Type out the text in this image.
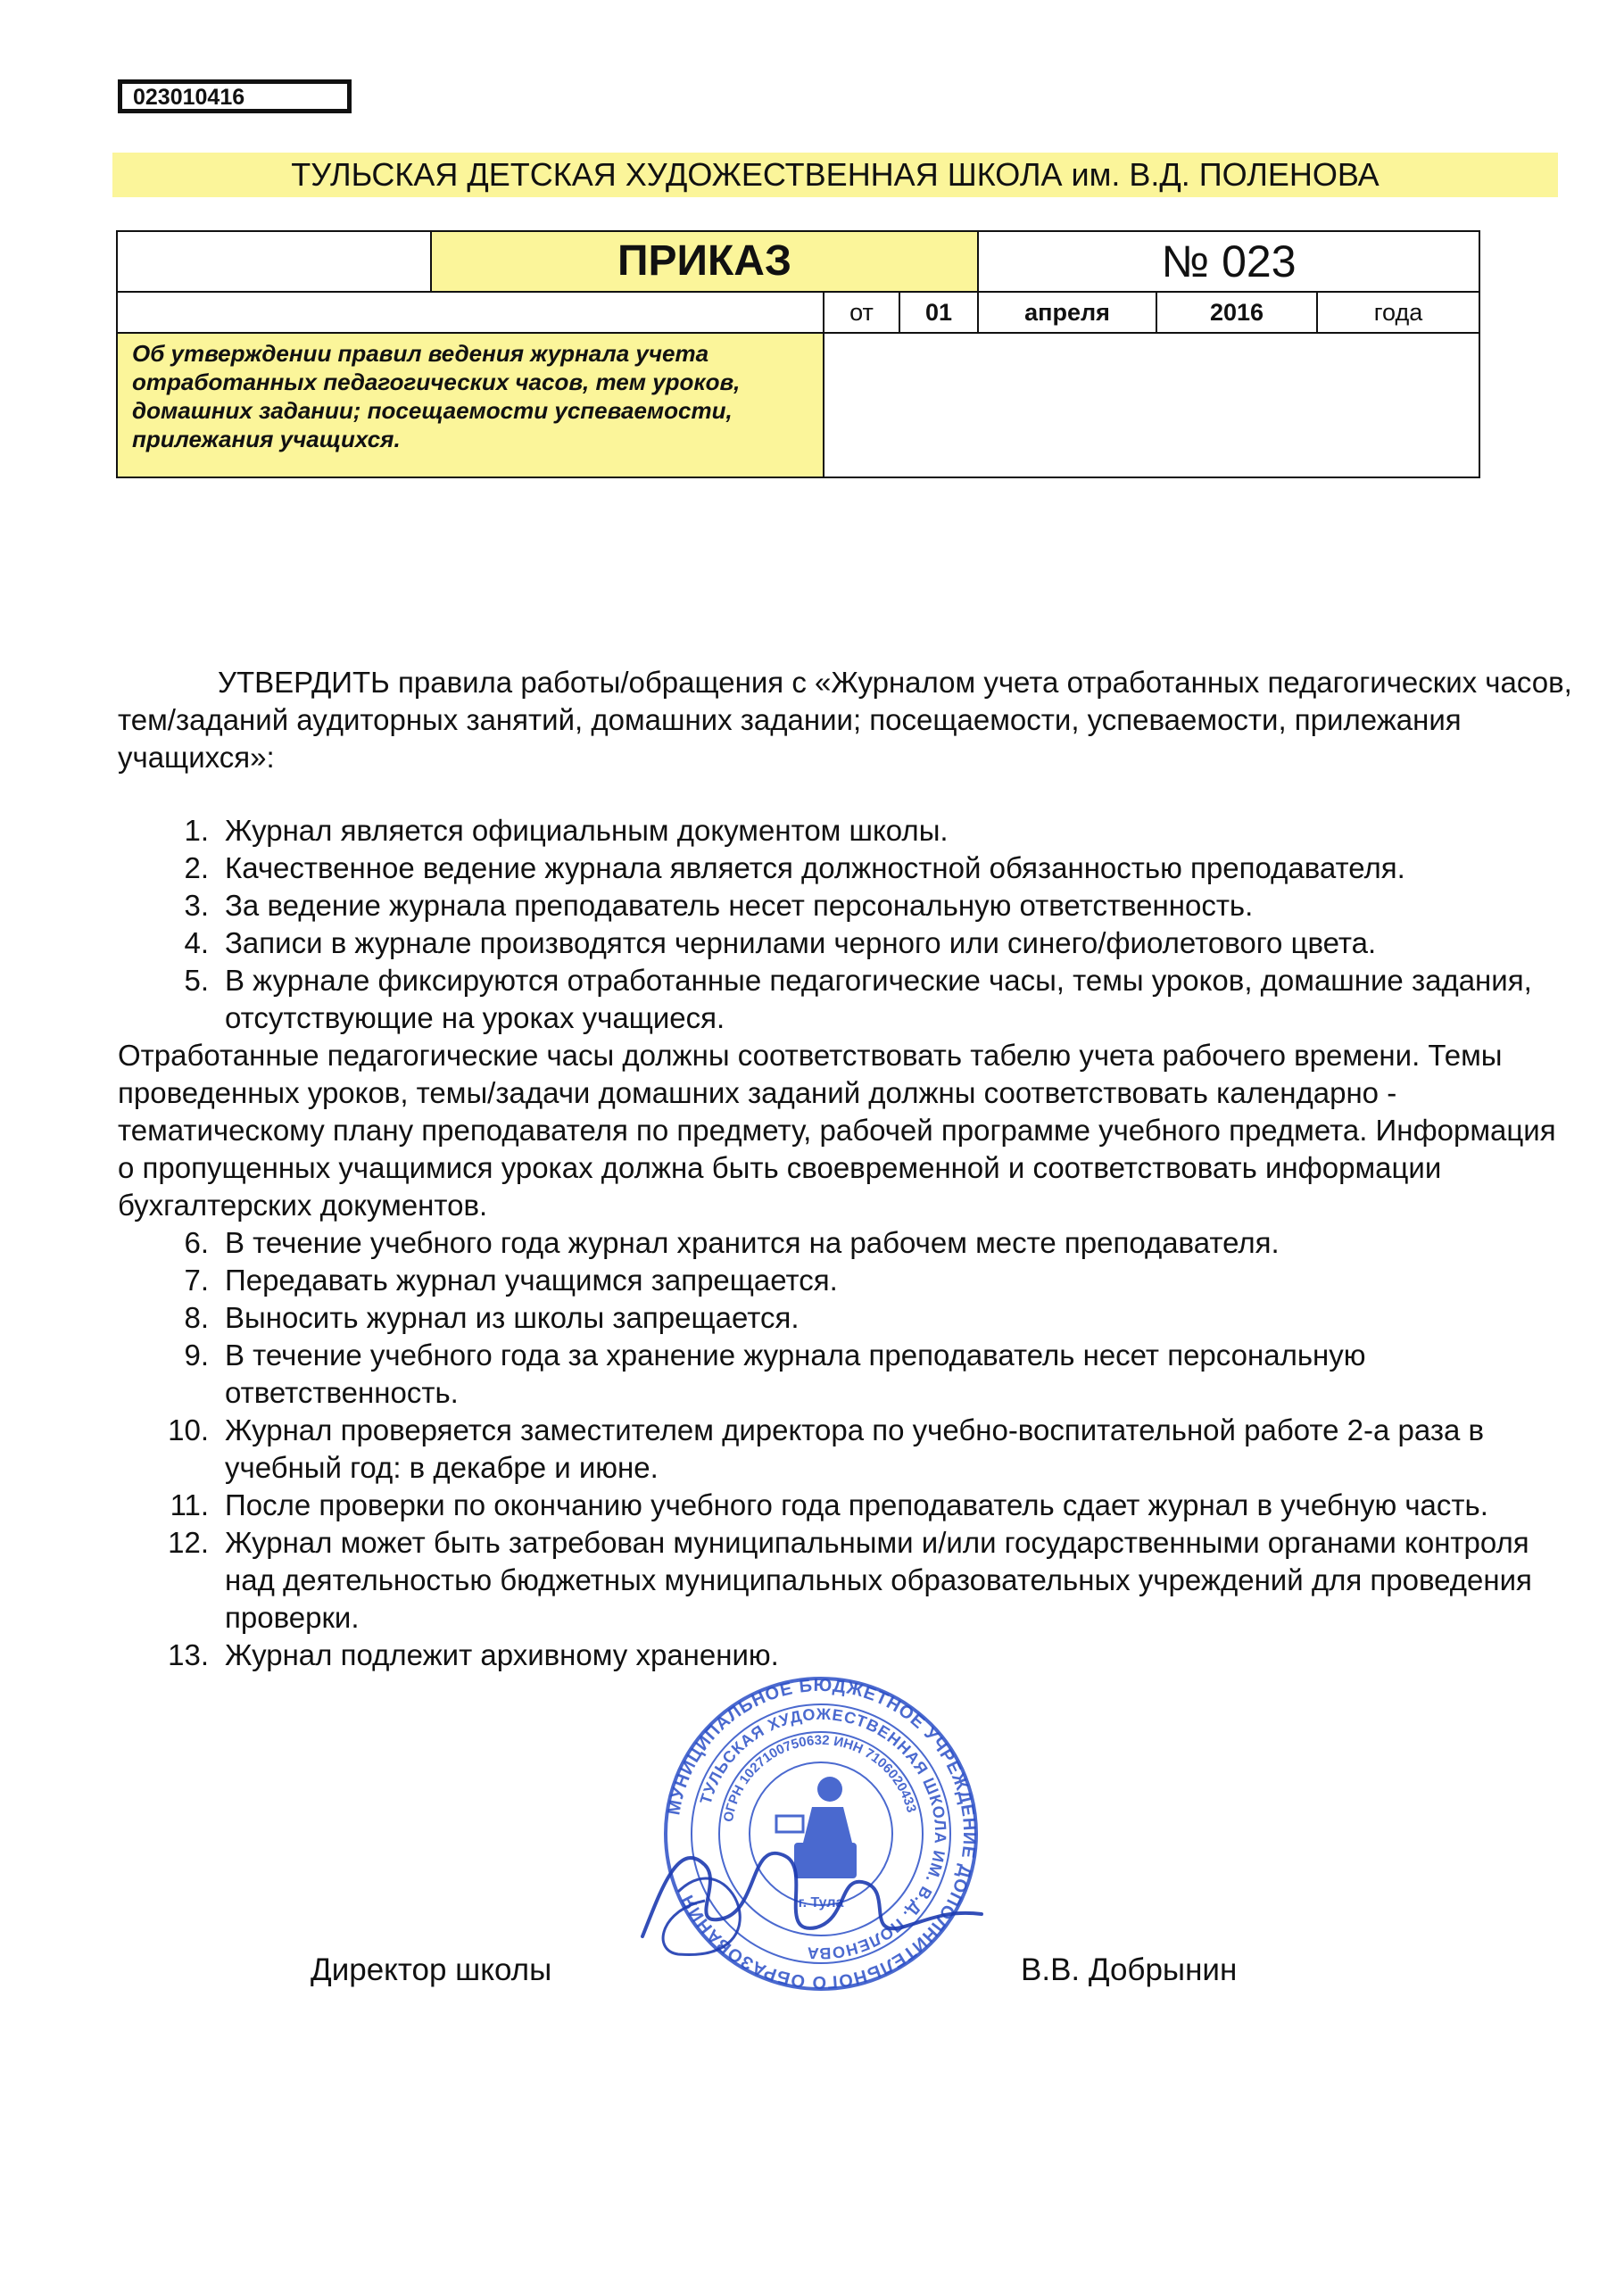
023010416
ТУЛЬСКАЯ ДЕТСКАЯ ХУДОЖЕСТВЕННАЯ ШКОЛА им. В.Д. ПОЛЕНОВА
	ПРИКАЗ			№ 023		
		от	01	апреля	2016	года
Об утверждении правил ведения журнала учета отработанных педагогических часов, тем уроков, домашних задании; посещаемости успеваемости, прилежания учащихся.						

УТВЕРДИТЬ правила работы/обращения с «Журналом учета отработанных педагогических часов, тем/заданий аудиторных занятий, домашних задании; посещаемости, успеваемости, прилежания учащихся»:

1. Журнал является официальным документом школы.
2. Качественное ведение журнала является должностной обязанностью преподавателя.
3. За ведение журнала преподаватель несет персональную ответственность.
4. Записи в журнале производятся чернилами черного или синего/фиолетового цвета.
5. В журнале фиксируются отработанные педагогические часы, темы уроков, домашние задания, отсутствующие на уроках учащиеся.

Отработанные педагогические часы должны соответствовать табелю учета рабочего времени. Темы проведенных уроков, темы/задачи домашних заданий должны соответствовать календарно - тематическому плану преподавателя по предмету, рабочей программе учебного предмета. Информация о пропущенных учащимися уроках должна быть своевременной и соответствовать информации бухгалтерских документов.

6. В течение учебного года журнал хранится на рабочем месте преподавателя.
7. Передавать журнал учащимся запрещается.
8. Выносить журнал из школы запрещается.
9. В течение учебного года за хранение журнала преподаватель несет персональную ответственность.
10. Журнал проверяется заместителем директора по учебно-воспитательной работе 2-а раза в учебный год: в декабре и июне.
11. После проверки по окончанию учебного года преподаватель сдает журнал в учебную часть.
12. Журнал может быть затребован муниципальными и/или государственными органами контроля над деятельностью бюджетных муниципальных образовательных учреждений для проведения проверки.
13. Журнал подлежит архивному хранению.
МУНИЦИПАЛЬНОЕ БЮДЖЕТНОЕ УЧРЕЖДЕНИЕ ДОПОЛНИТЕЛЬНОГО ОБРАЗОВАНИЯ
ТУЛЬСКАЯ ХУДОЖЕСТВЕННАЯ ШКОЛА ИМ. В.Д. ПОЛЕНОВА
ОГРН 1027100750632 ИНН 7106020433
г. Тула
Директор школы	В.В. Добрынин
